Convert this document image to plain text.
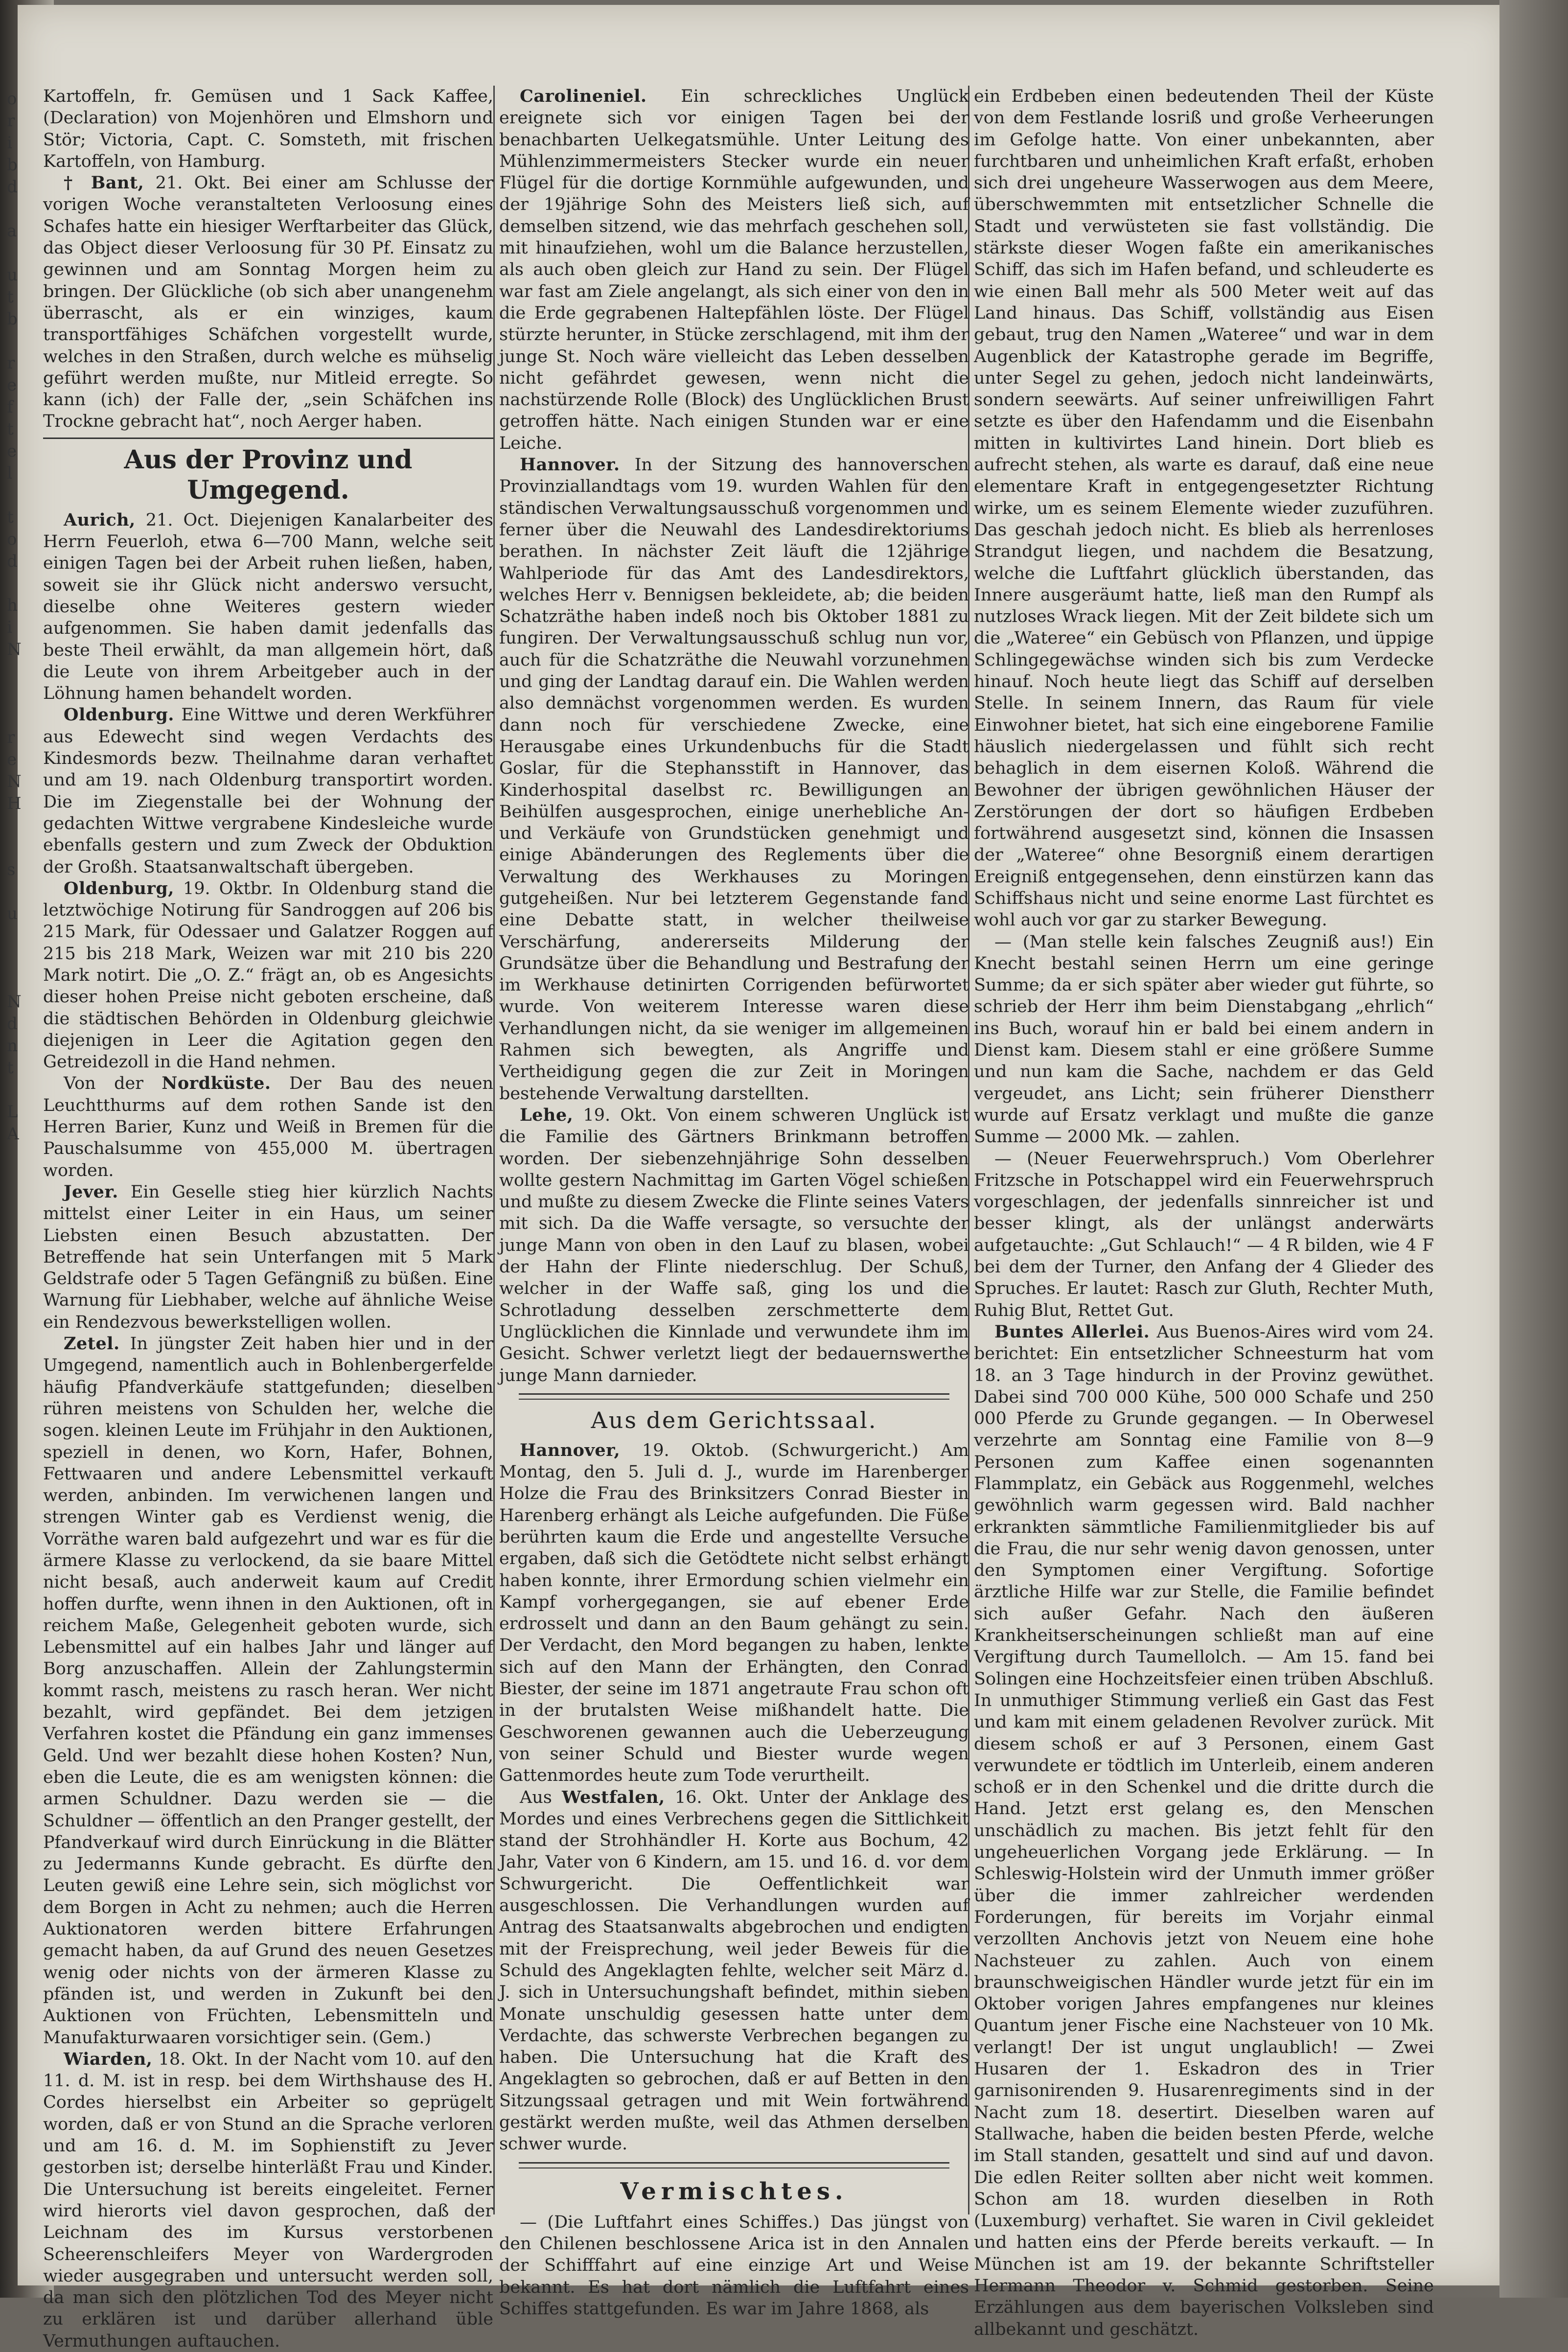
o
r
i
b
d

a

u
t
b

r
e
f
t
e
l

t
o
d

h
i
N

r
e
N
H

s

u

N
d
n
t

L
A

Kartoffeln, fr. Gemüsen und 1 Sack Kaffee, (Declaration) von Mojenhören und Elmshorn und Stör; Victoria, Capt. C. Somsteth, mit frischen Kartoffeln, von Hamburg.

† Bant, 21. Okt. Bei einer am Schlusse der vorigen Woche veranstalteten Verloosung eines Schafes hatte ein hiesiger Werftarbeiter das Glück, das Object dieser Verloosung für 30 Pf. Einsatz zu gewinnen und am Sonntag Morgen heim zu bringen. Der Glückliche (ob sich aber unangenehm überrascht, als er ein winziges, kaum transportfähiges Schäfchen vorgestellt wurde, welches in den Straßen, durch welche es mühselig geführt werden mußte, nur Mitleid erregte. So kann (ich) der Falle der, „sein Schäfchen ins Trockne gebracht hat“, noch Aerger haben.

Aus der Provinz und Umgegend.

Aurich, 21. Oct. Diejenigen Kanalarbeiter des Herrn Feuerloh, etwa 6—700 Mann, welche seit einigen Tagen bei der Arbeit ruhen ließen, haben, soweit sie ihr Glück nicht anderswo versucht, dieselbe ohne Weiteres gestern wieder aufgenommen. Sie haben damit jedenfalls das beste Theil erwählt, da man allgemein hört, daß die Leute von ihrem Arbeitgeber auch in der Löhnung hamen behandelt worden.

Oldenburg. Eine Wittwe und deren Werkführer aus Edewecht sind wegen Verdachts des Kindesmords bezw. Theilnahme daran verhaftet und am 19. nach Oldenburg transportirt worden. Die im Ziegenstalle bei der Wohnung der gedachten Wittwe vergrabene Kindesleiche wurde ebenfalls gestern und zum Zweck der Obduktion der Großh. Staatsanwaltschaft übergeben.

Oldenburg, 19. Oktbr. In Oldenburg stand die letztwöchige Notirung für Sandroggen auf 206 bis 215 Mark, für Odessaer und Galatzer Roggen auf 215 bis 218 Mark, Weizen war mit 210 bis 220 Mark notirt. Die „O. Z.“ frägt an, ob es Angesichts dieser hohen Preise nicht geboten erscheine, daß die städtischen Behörden in Oldenburg gleichwie diejenigen in Leer die Agitation gegen den Getreidezoll in die Hand nehmen.

Von der Nordküste. Der Bau des neuen Leuchtthurms auf dem rothen Sande ist den Herren Barier, Kunz und Weiß in Bremen für die Pauschalsumme von 455,000 M. übertragen worden.

Jever. Ein Geselle stieg hier kürzlich Nachts mittelst einer Leiter in ein Haus, um seiner Liebsten einen Besuch abzustatten. Der Betreffende hat sein Unterfangen mit 5 Mark Geldstrafe oder 5 Tagen Gefängniß zu büßen. Eine Warnung für Liebhaber, welche auf ähnliche Weise ein Rendezvous bewerkstelligen wollen.

Zetel. In jüngster Zeit haben hier und in der Umgegend, namentlich auch in Bohlenbergerfelde häufig Pfandverkäufe stattgefunden; dieselben rühren meistens von Schulden her, welche die sogen. kleinen Leute im Frühjahr in den Auktionen, speziell in denen, wo Korn, Hafer, Bohnen, Fettwaaren und andere Lebensmittel verkauft werden, anbinden. Im verwichenen langen und strengen Winter gab es Verdienst wenig, die Vorräthe waren bald aufgezehrt und war es für die ärmere Klasse zu verlockend, da sie baare Mittel nicht besaß, auch anderweit kaum auf Credit hoffen durfte, wenn ihnen in den Auktionen, oft in reichem Maße, Gelegenheit geboten wurde, sich Lebensmittel auf ein halbes Jahr und länger auf Borg anzuschaffen. Allein der Zahlungstermin kommt rasch, meistens zu rasch heran. Wer nicht bezahlt, wird gepfändet. Bei dem jetzigen Verfahren kostet die Pfändung ein ganz immenses Geld. Und wer bezahlt diese hohen Kosten? Nun, eben die Leute, die es am wenigsten können: die armen Schuldner. Dazu werden sie — die Schuldner — öffentlich an den Pranger gestellt, der Pfandverkauf wird durch Einrückung in die Blätter zu Jedermanns Kunde gebracht. Es dürfte den Leuten gewiß eine Lehre sein, sich möglichst vor dem Borgen in Acht zu nehmen; auch die Herren Auktionatoren werden bittere Erfahrungen gemacht haben, da auf Grund des neuen Gesetzes wenig oder nichts von der ärmeren Klasse zu pfänden ist, und werden in Zukunft bei den Auktionen von Früchten, Lebensmitteln und Manufakturwaaren vorsichtiger sein. (Gem.)

Wiarden, 18. Okt. In der Nacht vom 10. auf den 11. d. M. ist in resp. bei dem Wirthshause des H. Cordes hierselbst ein Arbeiter so geprügelt worden, daß er von Stund an die Sprache verloren und am 16. d. M. im Sophienstift zu Jever gestorben ist; derselbe hinterläßt Frau und Kinder. Die Untersuchung ist bereits eingeleitet. Ferner wird hierorts viel davon gesprochen, daß der Leichnam des im Kursus verstorbenen Scheerenschleifers Meyer von Wardergroden wieder ausgegraben und untersucht werden soll, da man sich den plötzlichen Tod des Meyer nicht zu erklären ist und darüber allerhand üble Vermuthungen auftauchen.

Carolineniel. Ein schreckliches Unglück ereignete sich vor einigen Tagen bei der benachbarten Uelkegatsmühle. Unter Leitung des Mühlenzimmermeisters Stecker wurde ein neuer Flügel für die dortige Kornmühle aufgewunden, und der 19jährige Sohn des Meisters ließ sich, auf demselben sitzend, wie das mehrfach geschehen soll, mit hinaufziehen, wohl um die Balance herzustellen, als auch oben gleich zur Hand zu sein. Der Flügel war fast am Ziele angelangt, als sich einer von den in die Erde gegrabenen Haltepfählen löste. Der Flügel stürzte herunter, in Stücke zerschlagend, mit ihm der junge St. Noch wäre vielleicht das Leben desselben nicht gefährdet gewesen, wenn nicht die nachstürzende Rolle (Block) des Unglücklichen Brust getroffen hätte. Nach einigen Stunden war er eine Leiche.

Hannover. In der Sitzung des hannoverschen Provinziallandtags vom 19. wurden Wahlen für den ständischen Verwaltungsausschuß vorgenommen und ferner über die Neuwahl des Landesdirektoriums berathen. In nächster Zeit läuft die 12jährige Wahlperiode für das Amt des Landesdirektors, welches Herr v. Bennigsen bekleidete, ab; die beiden Schatzräthe haben indeß noch bis Oktober 1881 zu fungiren. Der Verwaltungsausschuß schlug nun vor, auch für die Schatzräthe die Neuwahl vorzunehmen und ging der Landtag darauf ein. Die Wahlen werden also demnächst vorgenommen werden. Es wurden dann noch für verschiedene Zwecke, eine Herausgabe eines Urkundenbuchs für die Stadt Goslar, für die Stephansstift in Hannover, das Kinderhospital daselbst rc. Bewilligungen an Beihülfen ausgesprochen, einige unerhebliche An- und Verkäufe von Grundstücken genehmigt und einige Abänderungen des Reglements über die Verwaltung des Werkhauses zu Moringen gutgeheißen. Nur bei letzterem Gegenstande fand eine Debatte statt, in welcher theilweise Verschärfung, andererseits Milderung der Grundsätze über die Behandlung und Bestrafung der im Werkhause detinirten Corrigenden befürwortet wurde. Von weiterem Interesse waren diese Verhandlungen nicht, da sie weniger im allgemeinen Rahmen sich bewegten, als Angriffe und Vertheidigung gegen die zur Zeit in Moringen bestehende Verwaltung darstellten.

Lehe, 19. Okt. Von einem schweren Unglück ist die Familie des Gärtners Brinkmann betroffen worden. Der siebenzehnjährige Sohn desselben wollte gestern Nachmittag im Garten Vögel schießen und mußte zu diesem Zwecke die Flinte seines Vaters mit sich. Da die Waffe versagte, so versuchte der junge Mann von oben in den Lauf zu blasen, wobei der Hahn der Flinte niederschlug. Der Schuß, welcher in der Waffe saß, ging los und die Schrotladung desselben zerschmetterte dem Unglücklichen die Kinnlade und verwundete ihm im Gesicht. Schwer verletzt liegt der bedauernswerthe junge Mann darnieder.

Aus dem Gerichtssaal.

Hannover, 19. Oktob. (Schwurgericht.) Am Montag, den 5. Juli d. J., wurde im Harenberger Holze die Frau des Brinksitzers Conrad Biester in Harenberg erhängt als Leiche aufgefunden. Die Füße berührten kaum die Erde und angestellte Versuche ergaben, daß sich die Getödtete nicht selbst erhängt haben konnte, ihrer Ermordung schien vielmehr ein Kampf vorhergegangen, sie auf ebener Erde erdrosselt und dann an den Baum gehängt zu sein. Der Verdacht, den Mord begangen zu haben, lenkte sich auf den Mann der Erhängten, den Conrad Biester, der seine im 1871 angetraute Frau schon oft in der brutalsten Weise mißhandelt hatte. Die Geschworenen gewannen auch die Ueberzeugung von seiner Schuld und Biester wurde wegen Gattenmordes heute zum Tode verurtheilt.

Aus Westfalen, 16. Okt. Unter der Anklage des Mordes und eines Verbrechens gegen die Sittlichkeit stand der Strohhändler H. Korte aus Bochum, 42 Jahr, Vater von 6 Kindern, am 15. und 16. d. vor dem Schwurgericht. Die Oeffentlichkeit war ausgeschlossen. Die Verhandlungen wurden auf Antrag des Staatsanwalts abgebrochen und endigten mit der Freisprechung, weil jeder Beweis für die Schuld des Angeklagten fehlte, welcher seit März d. J. sich in Untersuchungshaft befindet, mithin sieben Monate unschuldig gesessen hatte unter dem Verdachte, das schwerste Verbrechen begangen zu haben. Die Untersuchung hat die Kraft des Angeklagten so gebrochen, daß er auf Betten in den Sitzungssaal getragen und mit Wein fortwährend gestärkt werden mußte, weil das Athmen derselben schwer wurde.

Vermischtes.

— (Die Luftfahrt eines Schiffes.) Das jüngst von den Chilenen beschlossene Arica ist in den Annalen der Schifffahrt auf eine einzige Art und Weise bekannt. Es hat dort nämlich die Luftfahrt eines Schiffes stattgefunden. Es war im Jahre 1868, als

ein Erdbeben einen bedeutenden Theil der Küste von dem Festlande losriß und große Verheerungen im Gefolge hatte. Von einer unbekannten, aber furchtbaren und unheimlichen Kraft erfaßt, erhoben sich drei ungeheure Wasserwogen aus dem Meere, überschwemmten mit entsetzlicher Schnelle die Stadt und verwüsteten sie fast vollständig. Die stärkste dieser Wogen faßte ein amerikanisches Schiff, das sich im Hafen befand, und schleuderte es wie einen Ball mehr als 500 Meter weit auf das Land hinaus. Das Schiff, vollständig aus Eisen gebaut, trug den Namen „Wateree“ und war in dem Augenblick der Katastrophe gerade im Begriffe, unter Segel zu gehen, jedoch nicht landeinwärts, sondern seewärts. Auf seiner unfreiwilligen Fahrt setzte es über den Hafendamm und die Eisenbahn mitten in kultivirtes Land hinein. Dort blieb es aufrecht stehen, als warte es darauf, daß eine neue elementare Kraft in entgegengesetzter Richtung wirke, um es seinem Elemente wieder zuzuführen. Das geschah jedoch nicht. Es blieb als herrenloses Strandgut liegen, und nachdem die Besatzung, welche die Luftfahrt glücklich überstanden, das Innere ausgeräumt hatte, ließ man den Rumpf als nutzloses Wrack liegen. Mit der Zeit bildete sich um die „Wateree“ ein Gebüsch von Pflanzen, und üppige Schlingegewächse winden sich bis zum Verdecke hinauf. Noch heute liegt das Schiff auf derselben Stelle. In seinem Innern, das Raum für viele Einwohner bietet, hat sich eine eingeborene Familie häuslich niedergelassen und fühlt sich recht behaglich in dem eisernen Koloß. Während die Bewohner der übrigen gewöhnlichen Häuser der Zerstörungen der dort so häufigen Erdbeben fortwährend ausgesetzt sind, können die Insassen der „Wateree“ ohne Besorgniß einem derartigen Ereigniß entgegensehen, denn einstürzen kann das Schiffshaus nicht und seine enorme Last fürchtet es wohl auch vor gar zu starker Bewegung.

— (Man stelle kein falsches Zeugniß aus!) Ein Knecht bestahl seinen Herrn um eine geringe Summe; da er sich später aber wieder gut führte, so schrieb der Herr ihm beim Dienstabgang „ehrlich“ ins Buch, worauf hin er bald bei einem andern in Dienst kam. Diesem stahl er eine größere Summe und nun kam die Sache, nachdem er das Geld vergeudet, ans Licht; sein früherer Dienstherr wurde auf Ersatz verklagt und mußte die ganze Summe — 2000 Mk. — zahlen.

— (Neuer Feuerwehrspruch.) Vom Oberlehrer Fritzsche in Potschappel wird ein Feuerwehrspruch vorgeschlagen, der jedenfalls sinnreicher ist und besser klingt, als der unlängst anderwärts aufgetauchte: „Gut Schlauch!“ — 4 R bilden, wie 4 F bei dem der Turner, den Anfang der 4 Glieder des Spruches. Er lautet: Rasch zur Gluth, Rechter Muth, Ruhig Blut, Rettet Gut.

Buntes Allerlei. Aus Buenos-Aires wird vom 24. berichtet: Ein entsetzlicher Schneesturm hat vom 18. an 3 Tage hindurch in der Provinz gewüthet. Dabei sind 700 000 Kühe, 500 000 Schafe und 250 000 Pferde zu Grunde gegangen. — In Oberwesel verzehrte am Sonntag eine Familie von 8—9 Personen zum Kaffee einen sogenannten Flammplatz, ein Gebäck aus Roggenmehl, welches gewöhnlich warm gegessen wird. Bald nachher erkrankten sämmtliche Familienmitglieder bis auf die Frau, die nur sehr wenig davon genossen, unter den Symptomen einer Vergiftung. Sofortige ärztliche Hilfe war zur Stelle, die Familie befindet sich außer Gefahr. Nach den äußeren Krankheitserscheinungen schließt man auf eine Vergiftung durch Taumellolch. — Am 15. fand bei Solingen eine Hochzeitsfeier einen trüben Abschluß. In unmuthiger Stimmung verließ ein Gast das Fest und kam mit einem geladenen Revolver zurück. Mit diesem schoß er auf 3 Personen, einem Gast verwundete er tödtlich im Unterleib, einem anderen schoß er in den Schenkel und die dritte durch die Hand. Jetzt erst gelang es, den Menschen unschädlich zu machen. Bis jetzt fehlt für den ungeheuerlichen Vorgang jede Erklärung. — In Schleswig-Holstein wird der Unmuth immer größer über die immer zahlreicher werdenden Forderungen, für bereits im Vorjahr einmal verzollten Anchovis jetzt von Neuem eine hohe Nachsteuer zu zahlen. Auch von einem braunschweigischen Händler wurde jetzt für ein im Oktober vorigen Jahres empfangenes nur kleines Quantum jener Fische eine Nachsteuer von 10 Mk. verlangt! Der ist ungut unglaublich! — Zwei Husaren der 1. Eskadron des in Trier garnisonirenden 9. Husarenregiments sind in der Nacht zum 18. desertirt. Dieselben waren auf Stallwache, haben die beiden besten Pferde, welche im Stall standen, gesattelt und sind auf und davon. Die edlen Reiter sollten aber nicht weit kommen. Schon am 18. wurden dieselben in Roth (Luxemburg) verhaftet. Sie waren in Civil gekleidet und hatten eins der Pferde bereits verkauft. — In München ist am 19. der bekannte Schriftsteller Hermann Theodor v. Schmid gestorben. Seine Erzählungen aus dem bayerischen Volksleben sind allbekannt und geschätzt.
